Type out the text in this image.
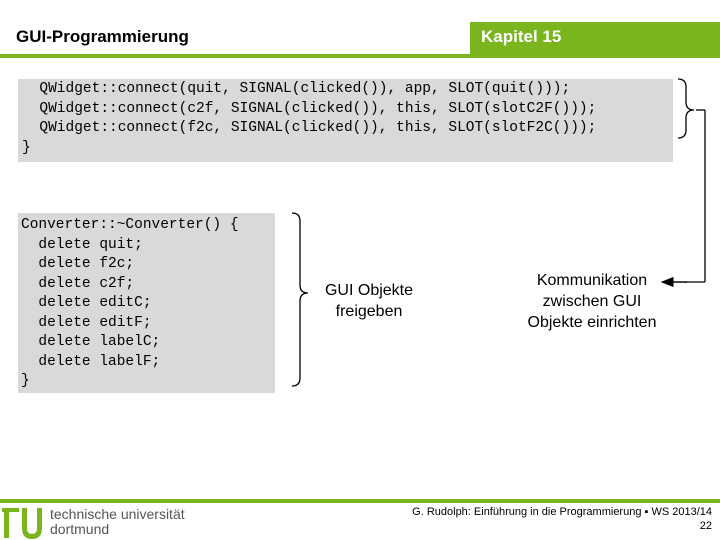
GUI-Programmierung	Kapitel 15
QWidget::connect(quit, SIGNAL(clicked()), app, SLOT(quit()));
QWidget::connect(c2f, SIGNAL(clicked()), this, SLOT(slotC2F()));
QWidget::connect(f2c, SIGNAL(clicked()), this, SLOT(slotF2C()));
}
Converter::~Converter() {
delete quit;
delete f2c;
delete c2f;
delete editC;
delete editF;
delete labelC;
delete labelF;
}
GUI Objekte
freigeben
Kommunikation
zwischen GUI
Objekte einrichten
technische universität
dortmund
G. Rudolph: Einführung in die Programmierung ▪ WS 2013/14
22
